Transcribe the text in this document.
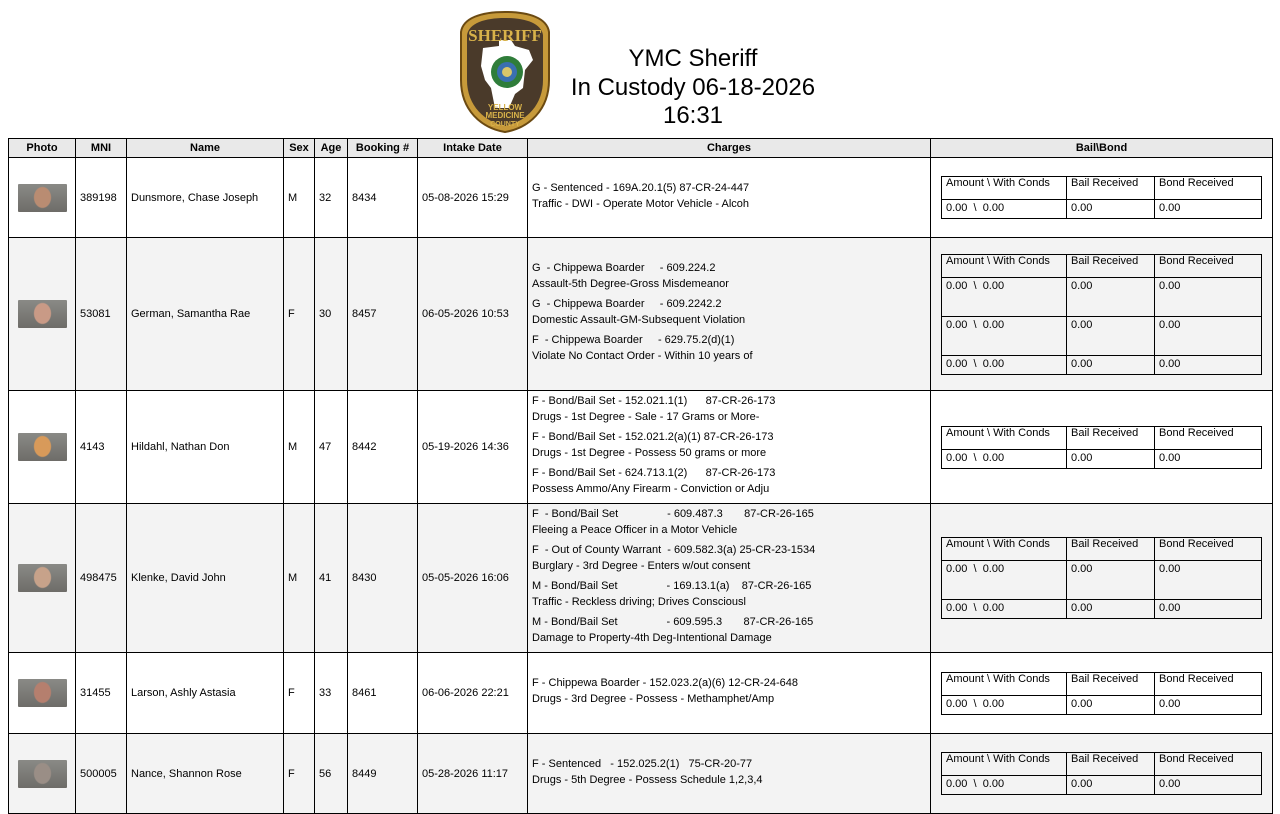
SHERIFF
YELLOW
MEDICINE
COUNTY
YMC Sheriff
In Custody 06-18-2026 16:31
Photo	MNI	Name	Sex	Age	Booking #	Intake Date	Charges	Bail\Bond

	389198	Dunsmore, Chase Joseph	M	32	8434	05-08-2026 15:29	
G - Sentenced - 169A.20.1(5) 87-CR-24-447
Traffic - DWI - Operate Motor Vehicle - Alcoh

Amount \ With Conds	Bail Received	Bond Received
0.00  \  0.00	0.00	0.00

	53081	German, Samantha Rae	F	30	8457	06-05-2026 10:53	
G  - Chippewa Boarder     - 609.224.2
Assault-5th Degree-Gross Misdemeanor
G  - Chippewa Boarder     - 609.2242.2
Domestic Assault-GM-Subsequent Violation
F  - Chippewa Boarder     - 629.75.2(d)(1)
Violate No Contact Order - Within 10 years of

Amount \ With Conds	Bail Received	Bond Received
0.00  \  0.00	0.00	0.00
0.00  \  0.00	0.00	0.00
0.00  \  0.00	0.00	0.00

	4143	Hildahl, Nathan Don	M	47	8442	05-19-2026 14:36	
F - Bond/Bail Set - 152.021.1(1)      87-CR-26-173
Drugs - 1st Degree - Sale - 17 Grams or More-
F - Bond/Bail Set - 152.021.2(a)(1) 87-CR-26-173
Drugs - 1st Degree - Possess 50 grams or more
F - Bond/Bail Set - 624.713.1(2)      87-CR-26-173
Possess Ammo/Any Firearm - Conviction or Adju

Amount \ With Conds	Bail Received	Bond Received
0.00  \  0.00	0.00	0.00

	498475	Klenke, David John	M	41	8430	05-05-2026 16:06	
F  - Bond/Bail Set                - 609.487.3       87-CR-26-165
Fleeing a Peace Officer in a Motor Vehicle
F  - Out of County Warrant  - 609.582.3(a) 25-CR-23-1534
Burglary - 3rd Degree - Enters w/out consent
M - Bond/Bail Set                - 169.13.1(a)    87-CR-26-165
Traffic - Reckless driving; Drives Consciousl
M - Bond/Bail Set                - 609.595.3       87-CR-26-165
Damage to Property-4th Deg-Intentional Damage

Amount \ With Conds	Bail Received	Bond Received
0.00  \  0.00	0.00	0.00
0.00  \  0.00	0.00	0.00

	31455	Larson, Ashly Astasia	F	33	8461	06-06-2026 22:21	
F - Chippewa Boarder - 152.023.2(a)(6) 12-CR-24-648
Drugs - 3rd Degree - Possess - Methamphet/Amp

Amount \ With Conds	Bail Received	Bond Received
0.00  \  0.00	0.00	0.00

	500005	Nance, Shannon Rose	F	56	8449	05-28-2026 11:17	
F - Sentenced   - 152.025.2(1)   75-CR-20-77
Drugs - 5th Degree - Possess Schedule 1,2,3,4

Amount \ With Conds	Bail Received	Bond Received
0.00  \  0.00	0.00	0.00
